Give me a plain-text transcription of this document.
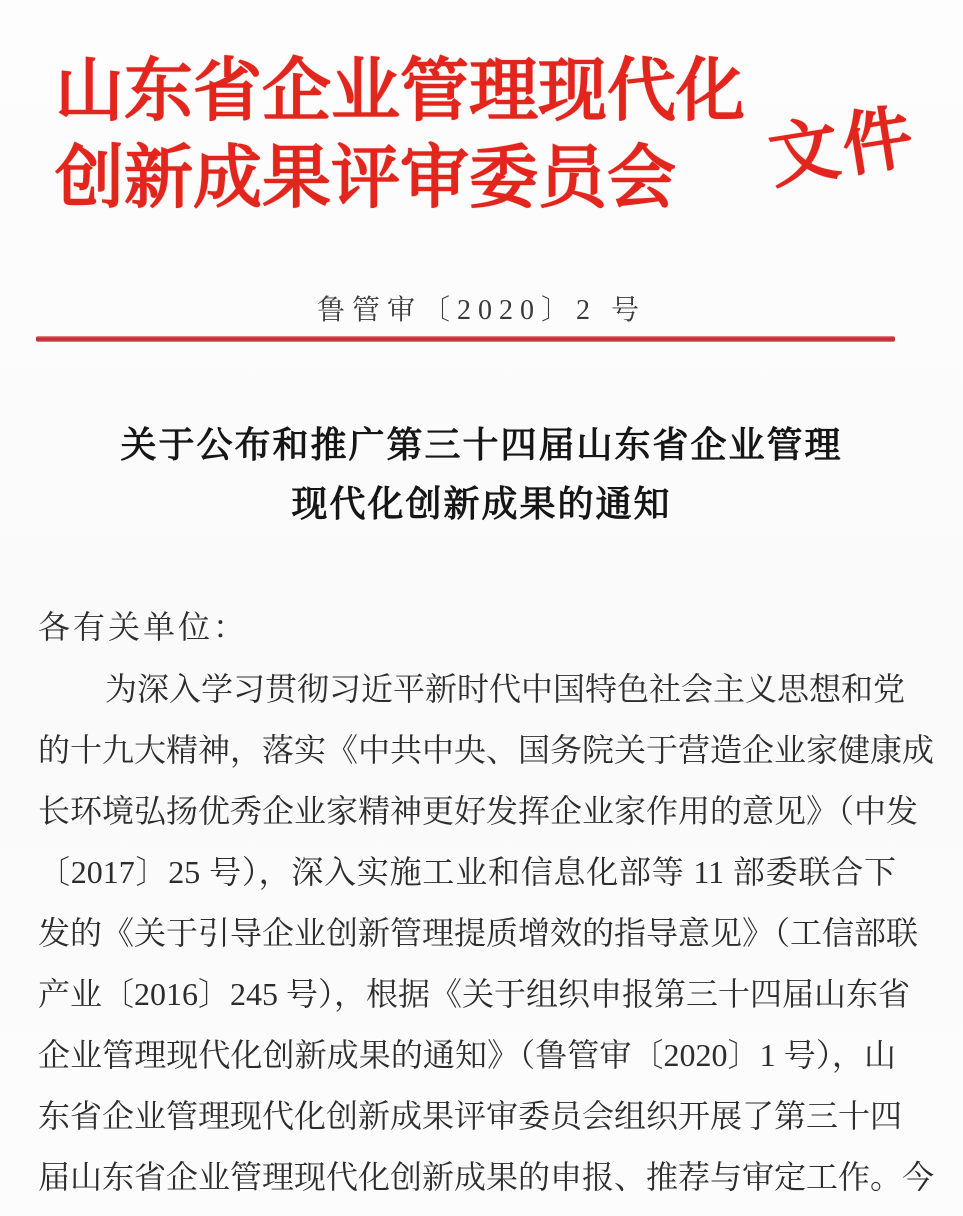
山东省企业管理现代化
创新成果评审委员会	文件
鲁管审〔2020〕2 号
关于公布和推广第三十四届山东省企业管理
现代化创新成果的通知
各有关单位：
为深入学习贯彻习近平新时代中国特色社会主义思想和党
的十九大精神，落实《中共中央、国务院关于营造企业家健康成
长环境弘扬优秀企业家精神更好发挥企业家作用的意见》（中发
〔2017〕25 号），深入实施工业和信息化部等 11 部委联合下
发的《关于引导企业创新管理提质增效的指导意见》（工信部联
产业〔2016〕245 号），根据《关于组织申报第三十四届山东省
企业管理现代化创新成果的通知》（鲁管审〔2020〕1 号），山
东省企业管理现代化创新成果评审委员会组织开展了第三十四
届山东省企业管理现代化创新成果的申报、推荐与审定工作。今
